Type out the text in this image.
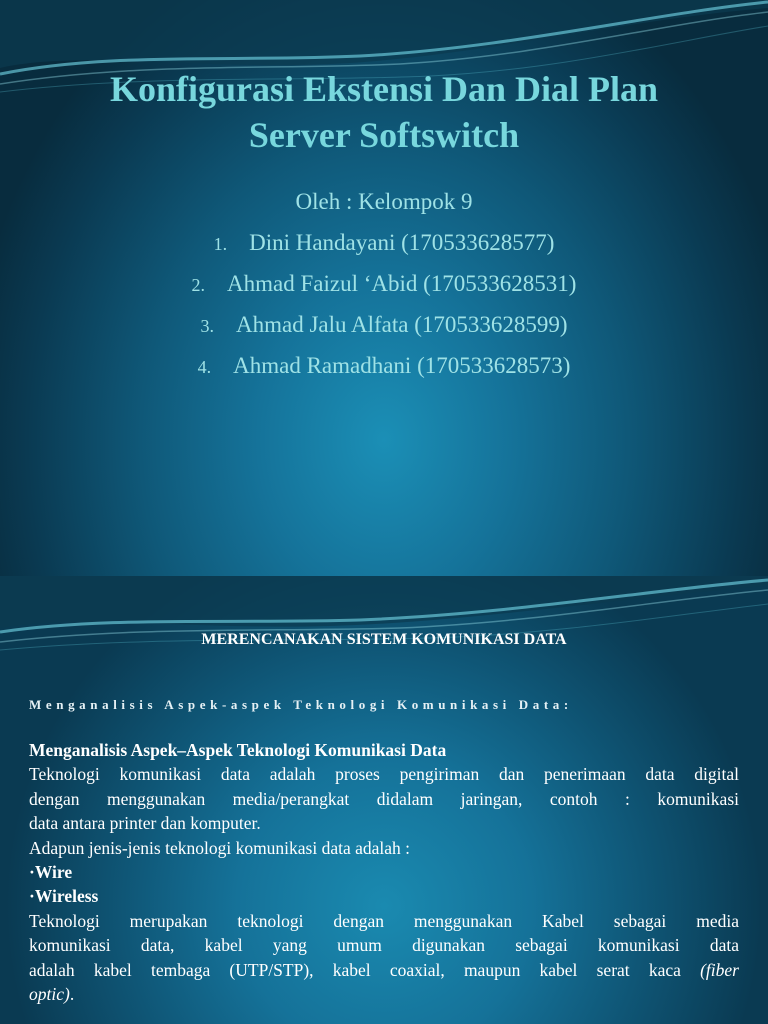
Konfigurasi Ekstensi Dan Dial Plan
Server Softswitch
Oleh : Kelompok 9
1. Dini Handayani (170533628577)
2. Ahmad Faizul ‘Abid (170533628531)
3. Ahmad Jalu Alfata (170533628599)
4. Ahmad Ramadhani (170533628573)
MERENCANAKAN SISTEM KOMUNIKASI DATA
Menganalisis Aspek-aspek Teknologi Komunikasi Data:

Menganalisis Aspek–Aspek Teknologi Komunikasi Data

Teknologi komunikasi data adalah proses pengiriman dan penerimaan data digital

dengan menggunakan media/perangkat didalam jaringan, contoh : komunikasi

data antara printer dan komputer.

Adapun jenis-jenis teknologi komunikasi data adalah :

·Wire

·Wireless

Teknologi merupakan teknologi dengan menggunakan Kabel sebagai media

komunikasi data, kabel yang umum digunakan sebagai komunikasi data

adalah kabel tembaga (UTP/STP), kabel coaxial, maupun kabel serat kaca (fiber

optic).
